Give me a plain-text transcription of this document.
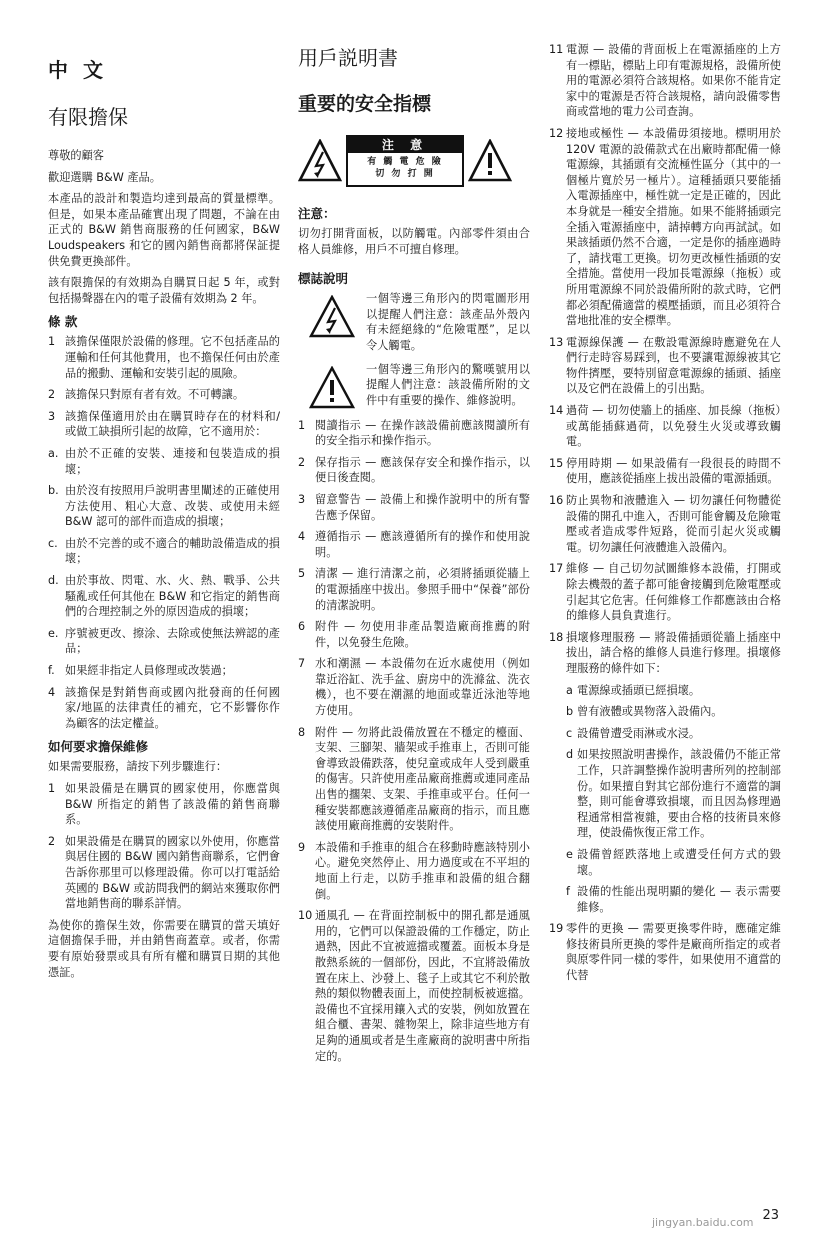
中 文
有限擔保

尊敬的顧客

歡迎選購 B&W 產品。

本產品的設計和製造均達到最高的質量標準。但是，如果本產品確實出現了問題，不論在由正式的 B&W 銷售商服務的任何國家，B&W Loudspeakers 和它的國內銷售商都將保証提供免費更換部件。

該有限擔保的有效期為自購買日起 5 年，或對包括揚聲器在內的電子設備有效期為 2 年。

條 款
1 該擔保僅限於設備的修理。它不包括產品的運輸和任何其他費用，也不擔保任何由於產品的搬動、運輸和安裝引起的風險。
2 該擔保只對原有者有效。不可轉讓。
3 該擔保僅適用於由在購買時存在的材料和/或做工缺損所引起的故障，它不適用於：
a. 由於不正確的安裝、連接和包裝造成的損壞；
b. 由於沒有按照用戶說明書里闡述的正確使用方法使用、粗心大意、改裝、或使用未經 B&W 認可的部件而造成的損壞；
c. 由於不完善的或不適合的輔助設備造成的損壞；
d. 由於事故、閃電、水、火、熱、戰爭、公共騷亂或任何其他在 B&W 和它指定的銷售商們的合理控制之外的原因造成的損壞；
e. 序號被更改、擦涂、去除或使無法辨認的產品；
f. 如果經非指定人員修理或改裝過；
4 該擔保是對銷售商或國內批發商的任何國家/地區的法律責任的補充，它不影響你作為顧客的法定權益。
如何要求擔保維修

如果需要服務，請按下列步驟進行：

1 如果設備是在購買的國家使用，你應當與 B&W 所指定的銷售了該設備的銷售商聯系。
2 如果設備是在購買的國家以外使用，你應當與居住國的 B&W 國內銷售商聯系，它們會告訴你那里可以修理設備。你可以打電話給英國的 B&W 或訪問我們的網站來獲取你們當地銷售商的聯系詳情。

為使你的擔保生效，你需要在購買的當天填好這個擔保手冊，并由銷售商蓋章。或者，你需要有原始發票或具有所有權和購買日期的其他憑証。

用戶説明書
重要的安全指標
注 意
有 觸 電 危 險
切 勿 打 開
注意：

切勿打開背面板，以防觸電。內部零件須由合格人員維修，用戶不可擅自修理。

標誌說明
一個等邊三角形內的閃電圖形用以提醒人們注意：該產品外殼內有未經絕緣的“危險電壓”，足以令人觸電。
一個等邊三角形內的驚嘆號用以提醒人們注意：該設備所附的文件中有重要的操作、維修說明。
1 閱讀指示 — 在操作該設備前應該閱讀所有的安全指示和操作指示。
2 保存指示 — 應該保存安全和操作指示，以便日後查閱。
3 留意警告 — 設備上和操作說明中的所有警告應予保留。
4 遵循指示 — 應該遵循所有的操作和使用說明。
5 清潔 — 進行清潔之前，必須將插頭從牆上的電源插座中拔出。參照手冊中“保養”部份的清潔說明。
6 附件 — 勿使用非產品製造廠商推薦的附件，以免發生危險。
7 水和潮濕 — 本設備勿在近水處使用（例如靠近浴缸、洗手盆、廚房中的洗滌盆、洗衣機），也不要在潮濕的地面或靠近泳池等地方使用。
8 附件 — 勿將此設備放置在不穩定的檯面、支架、三腳架、牆架或手推車上，否則可能會導致設備跌落，使兒童或成年人受到嚴重的傷害。只許使用產品廠商推薦或連同產品出售的擱架、支架、手推車或平台。任何一種安裝都應該遵循產品廠商的指示，而且應該使用廠商推薦的安裝附件。
9 本設備和手推車的組合在移動時應該特別小心。避免突然停止、用力過度或在不平坦的地面上行走，以防手推車和設備的組合翻倒。
10 通風孔 — 在背面控制板中的開孔都是通風用的，它們可以保證設備的工作穩定，防止過熱，因此不宜被遮擋或覆蓋。面板本身是散熱系統的一個部份，因此，不宜將設備放置在床上、沙發上、毯子上或其它不利於散熱的類似物體表面上，而使控制板被遮擋。設備也不宜採用鑲入式的安裝，例如放置在組合櫃、書架、雜物架上，除非這些地方有足夠的通風或者是生產廠商的說明書中所指定的。
11 電源 — 設備的背面板上在電源插座的上方有一標貼，標貼上印有電源規格，設備所使用的電源必須符合該規格。如果你不能肯定家中的電源是否符合該規格，請向設備零售商或當地的電力公司查詢。
12 接地或極性 — 本設備毋須接地。標明用於 120V 電源的設備款式在出廠時都配備一條電源線，其插頭有交流極性區分（其中的一個極片寬於另一極片）。這種插頭只要能插入電源插座中，極性就一定是正確的，因此本身就是一種安全措施。如果不能將插頭完全插入電源插座中，請掉轉方向再試試。如果該插頭仍然不合適，一定是你的插座過時了，請找電工更換。切勿更改極性插頭的安全措施。當使用一段加長電源線（拖板）或所用電源線不同於設備所附的款式時，它們都必須配備適當的模壓插頭，而且必須符合當地批准的安全標準。
13 電源線保護 — 在敷設電源線時應避免在人們行走時容易踩到，也不要讓電源線被其它物件擠壓，要特別留意電源線的插頭、插座以及它們在設備上的引出點。
14 過荷 — 切勿使牆上的插座、加長線（拖板）或萬能插蘇過荷，以免發生火災或導致觸電。
15 停用時期 — 如果設備有一段很長的時間不使用，應該從插座上拔出設備的電源插頭。
16 防止異物和液體進入 — 切勿讓任何物體從設備的開孔中進入，否則可能會觸及危險電壓或者造成零件短路，從而引起火災或觸電。切勿讓任何液體進入設備內。
17 維修 — 自己切勿試圖維修本設備，打開或除去機殼的蓋子都可能會接觸到危險電壓或引起其它危害。任何維修工作都應該由合格的維修人員負責進行。
18 損壞修理服務 — 將設備插頭從牆上插座中拔出，請合格的維修人員進行修理。損壞修理服務的條件如下：
a 電源線或插頭已經損壞。
b 曾有液體或異物落入設備內。
c 設備曾遭受雨淋或水浸。
d 如果按照說明書操作，該設備仍不能正常工作，只許調整操作說明書所列的控制部份。如果擅自對其它部份進行不適當的調整，則可能會導致損壞，而且因為修理過程通常相當複雜，要由合格的技術員來修理，使設備恢復正常工作。
e 設備曾經跌落地上或遭受任何方式的毀壞。
f 設備的性能出現明顯的變化 — 表示需要維修。
19 零件的更換 — 需要更換零件時，應確定維修技術員所更換的零件是廠商所指定的或者與原零件同一樣的零件，如果使用不適當的代替
23
jingyan.baidu.com
